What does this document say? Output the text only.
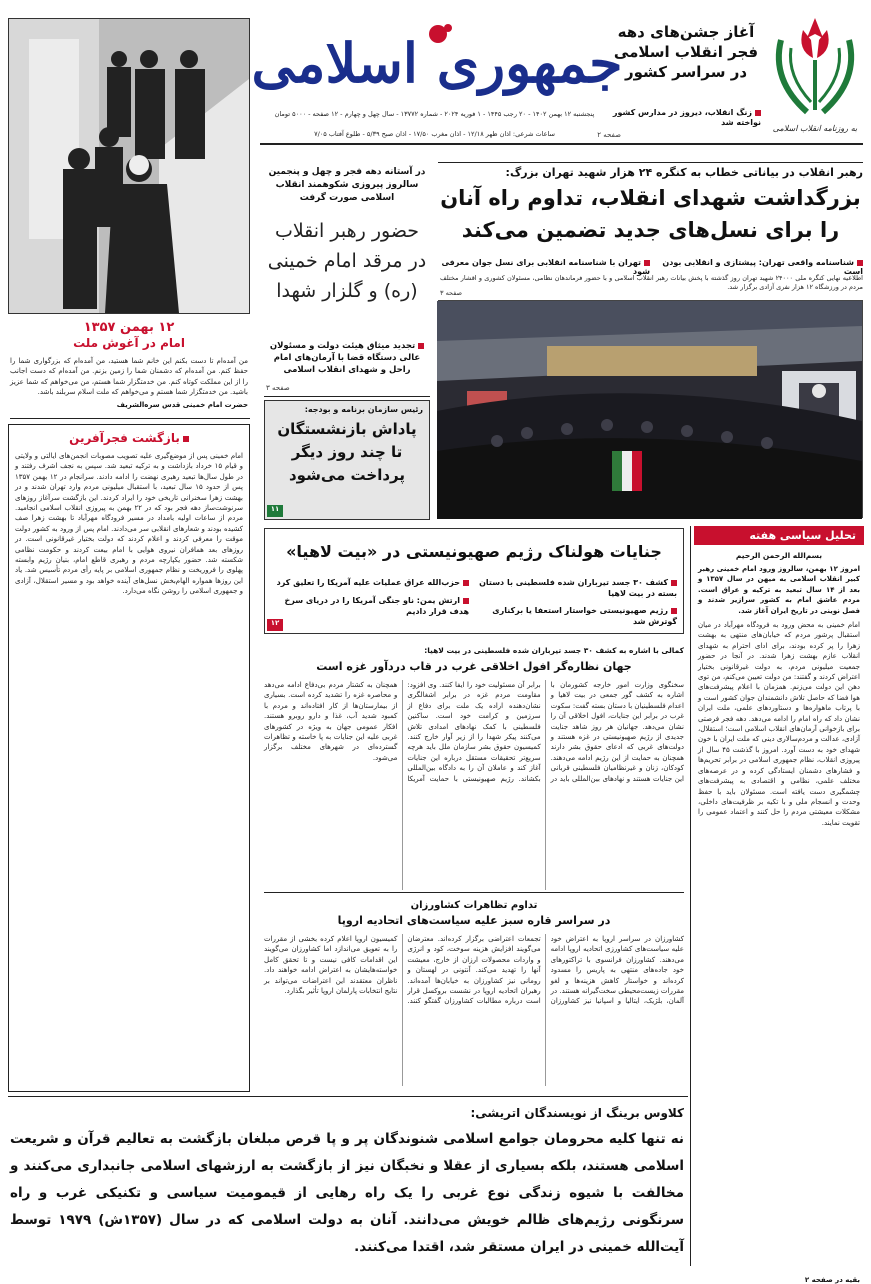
به روزنامه انقلاب اسلامی
آغاز جشن‌های دهه فجر انقلاب اسلامی در سراسر کشور
زنگ انقلاب، دیروز در مدارس کشور نواخته شد
صفحه ۲
جمهوری اسلامی
پنجشنبه ۱۲ بهمن ۱۴۰۲ - ۲۰ رجب ۱۴۴۵ - ۱ فوریه ۲۰۲۴ - شماره ۱۳۷۷۲ - سال چهل و چهارم - ۱۲ صفحه - ۵۰۰۰ تومان
ساعات شرعی: اذان ظهر ۱۲/۱۸ - اذان مغرب ۱۷/۵۰ - اذان صبح ۵/۳۹ - طلوع آفتاب ۷/۰۵
۱۲ بهمن ۱۳۵۷
امام در آغوش ملت
من آمده‌ام تا دست بکنم این خانم شما هستید، من آمده‌ام که بزرگواری شما را حفظ کنم. من آمده‌ام که دشمنان شما را زمین بزنم. من آمده‌ام که دست اجانب را از این مملکت کوتاه کنم. من خدمتگزار شما هستم، من می‌خواهم که شما عزیز باشید. من خدمتگزار شما هستم و می‌خواهم که ملت اسلام سربلند باشد.
حضرت امام خمینی قدس سره‌الشریف
بازگشت فجرآفرین
امام خمینی پس از موضع‌گیری علیه تصویب مصوبات انجمن‌های ایالتی و ولایتی و قیام ۱۵ خرداد بازداشت و به ترکیه تبعید شد. سپس به نجف اشرف رفتند و در طول سال‌ها تبعید رهبری نهضت را ادامه دادند. سرانجام در ۱۲ بهمن ۱۳۵۷ پس از حدود ۱۵ سال تبعید، با استقبال میلیونی مردم وارد تهران شدند و در بهشت زهرا سخنرانی تاریخی خود را ایراد کردند. این بازگشت سرآغاز روزهای سرنوشت‌ساز دهه فجر بود که در ۲۲ بهمن به پیروزی انقلاب اسلامی انجامید. مردم از ساعات اولیه بامداد در مسیر فرودگاه مهرآباد تا بهشت زهرا صف کشیده بودند و شعارهای انقلابی سر می‌دادند. امام پس از ورود به کشور دولت موقت را معرفی کردند و اعلام کردند که دولت بختیار غیرقانونی است. در روزهای بعد همافران نیروی هوایی با امام بیعت کردند و حکومت نظامی شکسته شد. حضور یکپارچه مردم و رهبری قاطع امام، بنیان رژیم وابسته پهلوی را فروریخت و نظام جمهوری اسلامی بر پایه رأی مردم تأسیس شد. یاد این روزها همواره الهام‌بخش نسل‌های آینده خواهد بود و مسیر استقلال، آزادی و جمهوری اسلامی را روشن نگاه می‌دارد.
رهبر انقلاب در بیاناتی خطاب به کنگره ۲۴ هزار شهید تهران بزرگ:
بزرگداشت شهدای انقلاب، تداوم راه آنان را برای نسل‌های جدید تضمین می‌کند
شناسنامه واقعی تهران: پیشتازی و انقلابی بودن است
تهران با شناسنامه انقلابی برای نسل جوان معرفی شود
اطلاعیه نهایی کنگره ملی ۲۴۰۰۰ شهید تهران روز گذشته با پخش بیانات رهبر انقلاب اسلامی و با حضور فرماندهان نظامی، مسئولان کشوری و اقشار مختلف مردم در ورزشگاه ۱۲ هزار نفری آزادی برگزار شد.
صفحه ۳
در آستانه دهه فجر و چهل و پنجمین سالروز پیروزی شکوهمند انقلاب اسلامی صورت گرفت
حضور رهبر انقلاب در مرقد امام خمینی (ره) و گلزار شهدا
تجدید میثاق هیئت دولت و مسئولان عالی دستگاه قضا با آرمان‌های امام راحل و شهدای انقلاب اسلامی
صفحه ۳
رئیس سازمان برنامه و بودجه:
پاداش بازنشستگان تا چند روز دیگر پرداخت می‌شود
۱۱
جنایات هولناک رژیم صهیونیستی در «بیت لاهیا»
کشف ۳۰ جسد تیرباران شده فلسطینی با دستان بسته در بیت لاهیا
حزب‌الله عراق عملیات علیه آمریکا را تعلیق کرد
رژیم صهیونیستی خواستار استعفا یا برکناری گوترش شد
ارتش یمن: ناو جنگی آمریکا را در دریای سرخ هدف قرار دادیم
۱۲
تحلیل سیاسی هفته
بسم‌الله الرحمن الرحیم
امروز ۱۲ بهمن، سالروز ورود امام خمینی رهبر کبیر انقلاب اسلامی به میهن در سال ۱۳۵۷ و بعد از ۱۴ سال تبعید به ترکیه و عراق است. مردم عاشق امام به کشور سرازیر شدند و فصل نوینی در تاریخ ایران آغاز شد.
امام خمینی به محض ورود به فرودگاه مهرآباد در میان استقبال پرشور مردم که خیابان‌های منتهی به بهشت زهرا را پر کرده بودند، برای ادای احترام به شهدای انقلاب عازم بهشت زهرا شدند. در آنجا در حضور جمعیت میلیونی مردم، به دولت غیرقانونی بختیار اعتراض کردند و گفتند: من دولت تعیین می‌کنم، من توی دهن این دولت می‌زنم. همزمان با اعلام پیشرفت‌های هوا فضا که حاصل تلاش دانشمندان جوان کشور است و با پرتاب ماهواره‌ها و دستاوردهای علمی، ملت ایران نشان داد که راه امام را ادامه می‌دهد. دهه فجر فرصتی برای بازخوانی آرمان‌های انقلاب اسلامی است؛ استقلال، آزادی، عدالت و مردم‌سالاری دینی که ملت ایران با خون شهدای خود به دست آورد. امروز با گذشت ۴۵ سال از پیروزی انقلاب، نظام جمهوری اسلامی در برابر تحریم‌ها و فشارهای دشمنان ایستادگی کرده و در عرصه‌های مختلف علمی، نظامی و اقتصادی به پیشرفت‌های چشمگیری دست یافته است. مسئولان باید با حفظ وحدت و انسجام ملی و با تکیه بر ظرفیت‌های داخلی، مشکلات معیشتی مردم را حل کنند و اعتماد عمومی را تقویت نمایند.
بقیه در صفحه ۲
کمالی با اشاره به کشف ۳۰ جسد تیرباران شده فلسطینی در بیت لاهیا:
جهان نظاره‌گر افول اخلاقی غرب در قاب دردآور غزه است
سخنگوی وزارت امور خارجه کشورمان با اشاره به کشف گور جمعی در بیت لاهیا و اعدام فلسطینیان با دستان بسته گفت: سکوت غرب در برابر این جنایات، افول اخلاقی آن را نشان می‌دهد. جهانیان هر روز شاهد جنایت جدیدی از رژیم صهیونیستی در غزه هستند و دولت‌های غربی که ادعای حقوق بشر دارند همچنان به حمایت از این رژیم ادامه می‌دهند. کودکان، زنان و غیرنظامیان فلسطینی قربانی این جنایات هستند و نهادهای بین‌المللی باید در برابر آن مسئولیت خود را ایفا کنند. وی افزود: مقاومت مردم غزه در برابر اشغالگری نشان‌دهنده اراده یک ملت برای دفاع از سرزمین و کرامت خود است. ساکنین فلسطینی با کمک نهادهای امدادی تلاش می‌کنند پیکر شهدا را از زیر آوار خارج کنند. کمیسیون حقوق بشر سازمان ملل باید هرچه سریع‌تر تحقیقات مستقل درباره این جنایات آغاز کند و عاملان آن را به دادگاه بین‌المللی بکشاند. رژیم صهیونیستی با حمایت آمریکا همچنان به کشتار مردم بی‌دفاع ادامه می‌دهد و محاصره غزه را تشدید کرده است. بسیاری از بیمارستان‌ها از کار افتاده‌اند و مردم با کمبود شدید آب، غذا و دارو روبرو هستند. افکار عمومی جهان به ویژه در کشورهای غربی علیه این جنایات به پا خاسته و تظاهرات گسترده‌ای در شهرهای مختلف برگزار می‌شود.
تداوم تظاهرات کشاورزان
در سراسر قاره سبز علیه سیاست‌های اتحادیه اروپا
کشاورزان در سراسر اروپا به اعتراض خود علیه سیاست‌های کشاورزی اتحادیه اروپا ادامه می‌دهند. کشاورزان فرانسوی با تراکتورهای خود جاده‌های منتهی به پاریس را مسدود کرده‌اند و خواستار کاهش هزینه‌ها و لغو مقررات زیست‌محیطی سخت‌گیرانه هستند. در آلمان، بلژیک، ایتالیا و اسپانیا نیز کشاورزان تجمعات اعتراضی برگزار کرده‌اند. معترضان می‌گویند افزایش هزینه سوخت، کود و انرژی و واردات محصولات ارزان از خارج، معیشت آنها را تهدید می‌کند. آنتونی در لهستان و رومانی نیز کشاورزان به خیابان‌ها آمده‌اند. رهبران اتحادیه اروپا در نشست بروکسل قرار است درباره مطالبات کشاورزان گفتگو کنند. کمیسیون اروپا اعلام کرده بخشی از مقررات را به تعویق می‌اندازد اما کشاورزان می‌گویند این اقدامات کافی نیست و تا تحقق کامل خواسته‌هایشان به اعتراض ادامه خواهند داد. ناظران معتقدند این اعتراضات می‌تواند بر نتایج انتخابات پارلمان اروپا تأثیر بگذارد.
کلاوس برینگ از نویسندگان اتریشی:
نه تنها کلیه محرومان جوامع اسلامی شنوندگان پر و پا قرص مبلغان بازگشت به تعالیم قرآن و شریعت اسلامی هستند، بلکه بسیاری از عقلا و نخبگان نیز از بازگشت به ارزشهای اسلامی جانبداری می‌کنند و مخالفت با شیوه زندگی نوع غربی را یک راه رهایی از قیمومیت سیاسی و تکنیکی غرب و راه سرنگونی رژیم‌های ظالم خویش می‌دانند. آنان به دولت اسلامی که در سال (۱۳۵۷ش) ۱۹۷۹ توسط آیت‌الله خمینی در ایران مستقر شد، اقتدا می‌کنند.
